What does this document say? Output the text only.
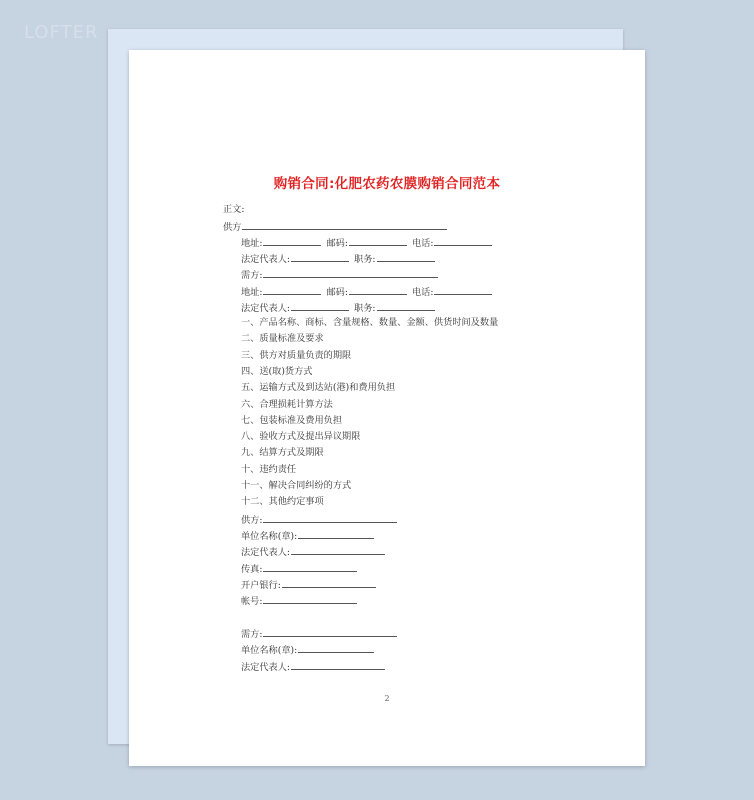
LOFTER
购销合同:化肥农药农膜购销合同范本
正文:
供方
地址:	邮码:	电话:
法定代表人:	职务:
需方:
地址:	邮码:	电话:
法定代表人:	职务:
一、产品名称、商标、含量规格、数量、金额、供货时间及数量
二、质量标准及要求
三、供方对质量负责的期限
四、送(取)货方式
五、运输方式及到达站(港)和费用负担
六、合理损耗计算方法
七、包装标准及费用负担
八、验收方式及提出异议期限
九、结算方式及期限
十、违约责任
十一、解决合同纠纷的方式
十二、其他约定事项
供方:
单位名称(章):
法定代表人:
传真:
开户银行:
帐号:
需方:
单位名称(章):
法定代表人:
2
